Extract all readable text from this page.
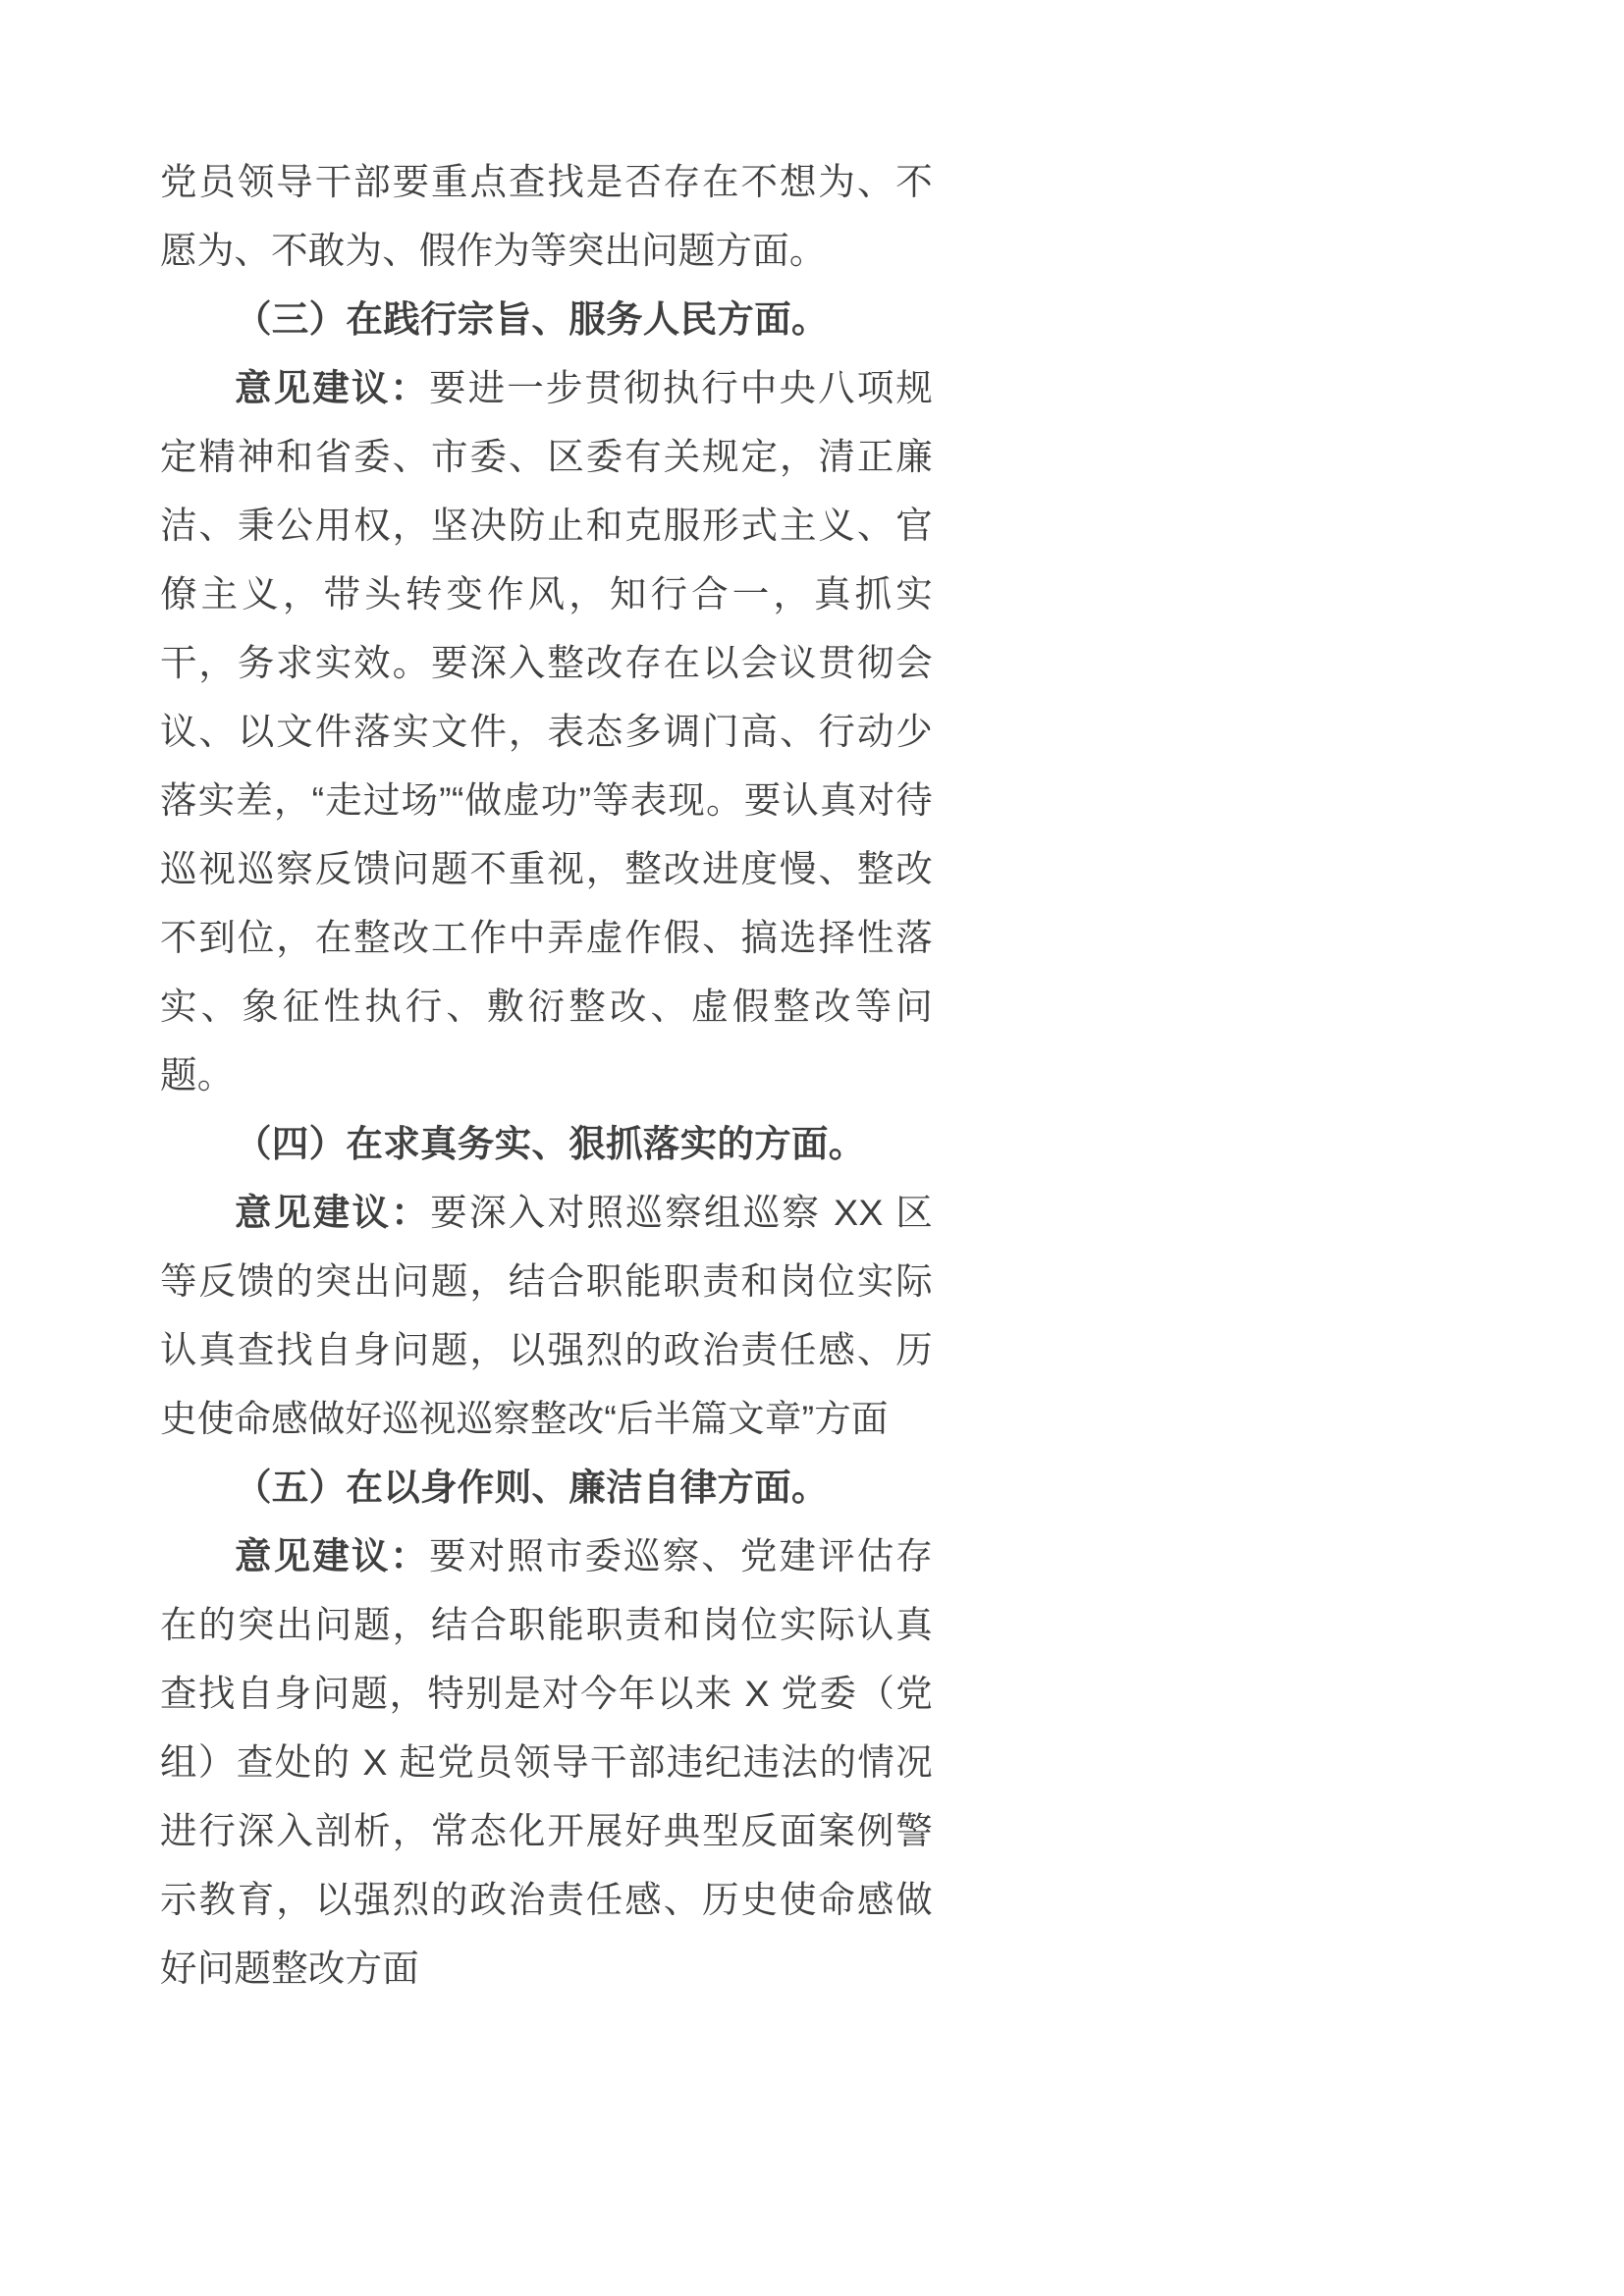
党员领导干部要重点查找是否存在不想为、不愿为、不敢为、假作为等突出问题方面。

（三）在践行宗旨、服务人民方面。

意见建议：要进一步贯彻执行中央八项规定精神和省委、市委、区委有关规定，清正廉洁、秉公用权，坚决防止和克服形式主义、官僚主义，带头转变作风，知行合一，真抓实干，务求实效。要深入整改存在以会议贯彻会议、以文件落实文件，表态多调门高、行动少落实差，“走过场”“做虚功”等表现。要认真对待巡视巡察反馈问题不重视，整改进度慢、整改不到位，在整改工作中弄虚作假、搞选择性落实、象征性执行、敷衍整改、虚假整改等问题。

（四）在求真务实、狠抓落实的方面。

意见建议：要深入对照巡察组巡察 XX 区等反馈的突出问题，结合职能职责和岗位实际认真查找自身问题，以强烈的政治责任感、历史使命感做好巡视巡察整改“后半篇文章”方面

（五）在以身作则、廉洁自律方面。

意见建议：要对照市委巡察、党建评估存在的突出问题，结合职能职责和岗位实际认真查找自身问题，特别是对今年以来 X 党委（党组）查处的 X 起党员领导干部违纪违法的情况进行深入剖析，常态化开展好典型反面案例警示教育，以强烈的政治责任感、历史使命感做好问题整改方面
